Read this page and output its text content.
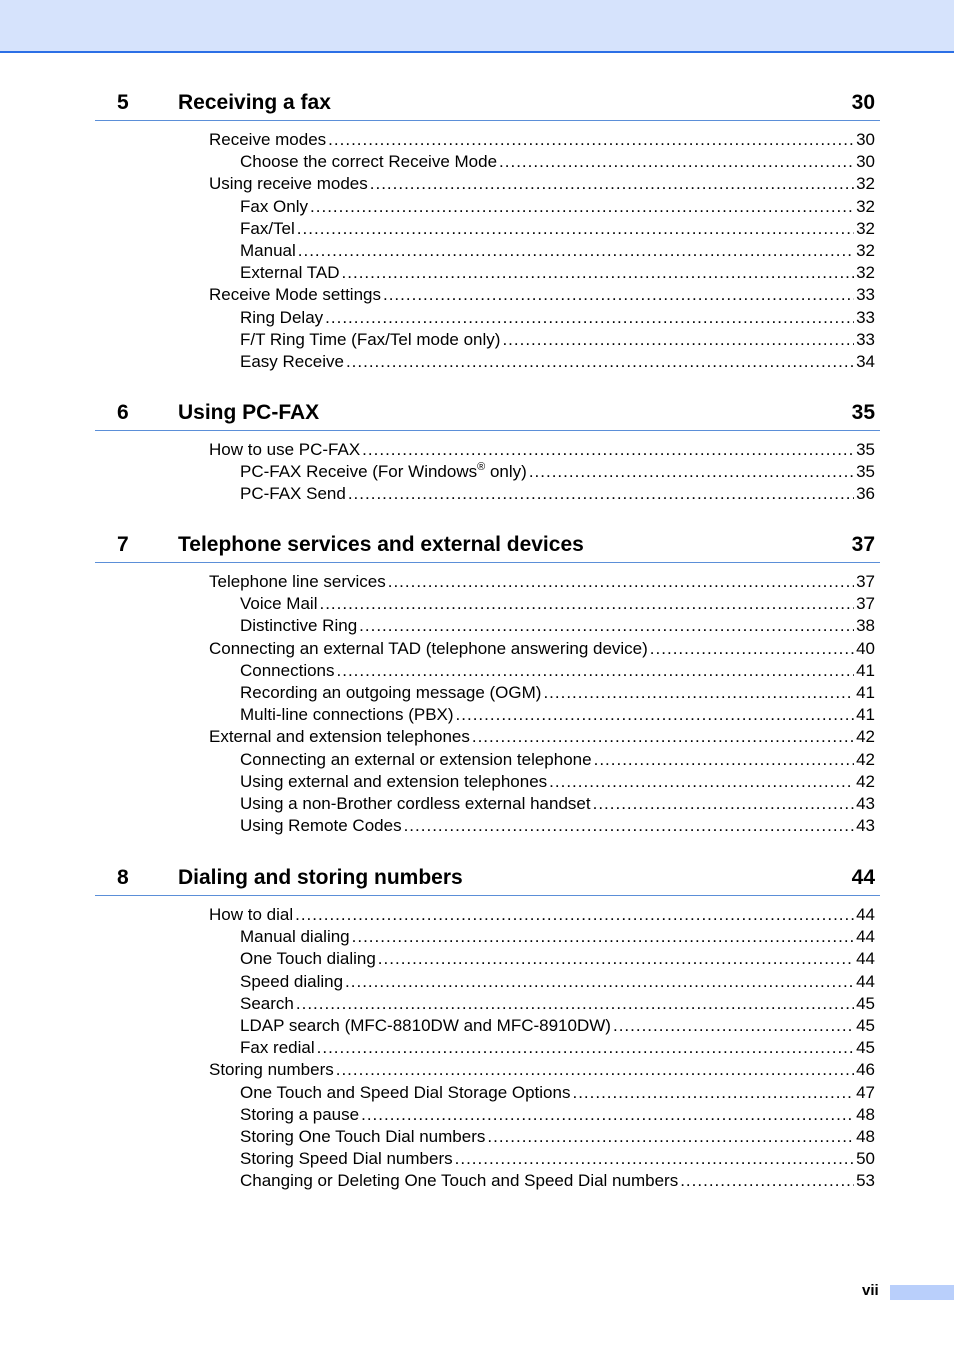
5 Receiving a fax	30
Receive modes .....	30
Choose the correct Receive Mode .....	30
Using receive modes .....	32
Fax Only .....	32
Fax/Tel .....	32
Manual .....	32
External TAD .....	32
Receive Mode settings .....	33
Ring Delay .....	33
F/T Ring Time (Fax/Tel mode only) .....	33
Easy Receive .....	34
6 Using PC-FAX	35
How to use PC-FAX .....	35
PC-FAX Receive (For Windows® only) .....	35
PC-FAX Send .....	36
7 Telephone services and external devices	37
Telephone line services .....	37
Voice Mail .....	37
Distinctive Ring .....	38
Connecting an external TAD (telephone answering device) .....	40
Connections .....	41
Recording an outgoing message (OGM) .....	41
Multi-line connections (PBX) .....	41
External and extension telephones .....	42
Connecting an external or extension telephone .....	42
Using external and extension telephones .....	42
Using a non-Brother cordless external handset .....	43
Using Remote Codes .....	43
8 Dialing and storing numbers	44
How to dial .....	44
Manual dialing .....	44
One Touch dialing .....	44
Speed dialing .....	44
Search .....	45
LDAP search (MFC-8810DW and MFC-8910DW) .....	45
Fax redial .....	45
Storing numbers .....	46
One Touch and Speed Dial Storage Options .....	47
Storing a pause .....	48
Storing One Touch Dial numbers .....	48
Storing Speed Dial numbers .....	50
Changing or Deleting One Touch and Speed Dial numbers .....	53
vii
